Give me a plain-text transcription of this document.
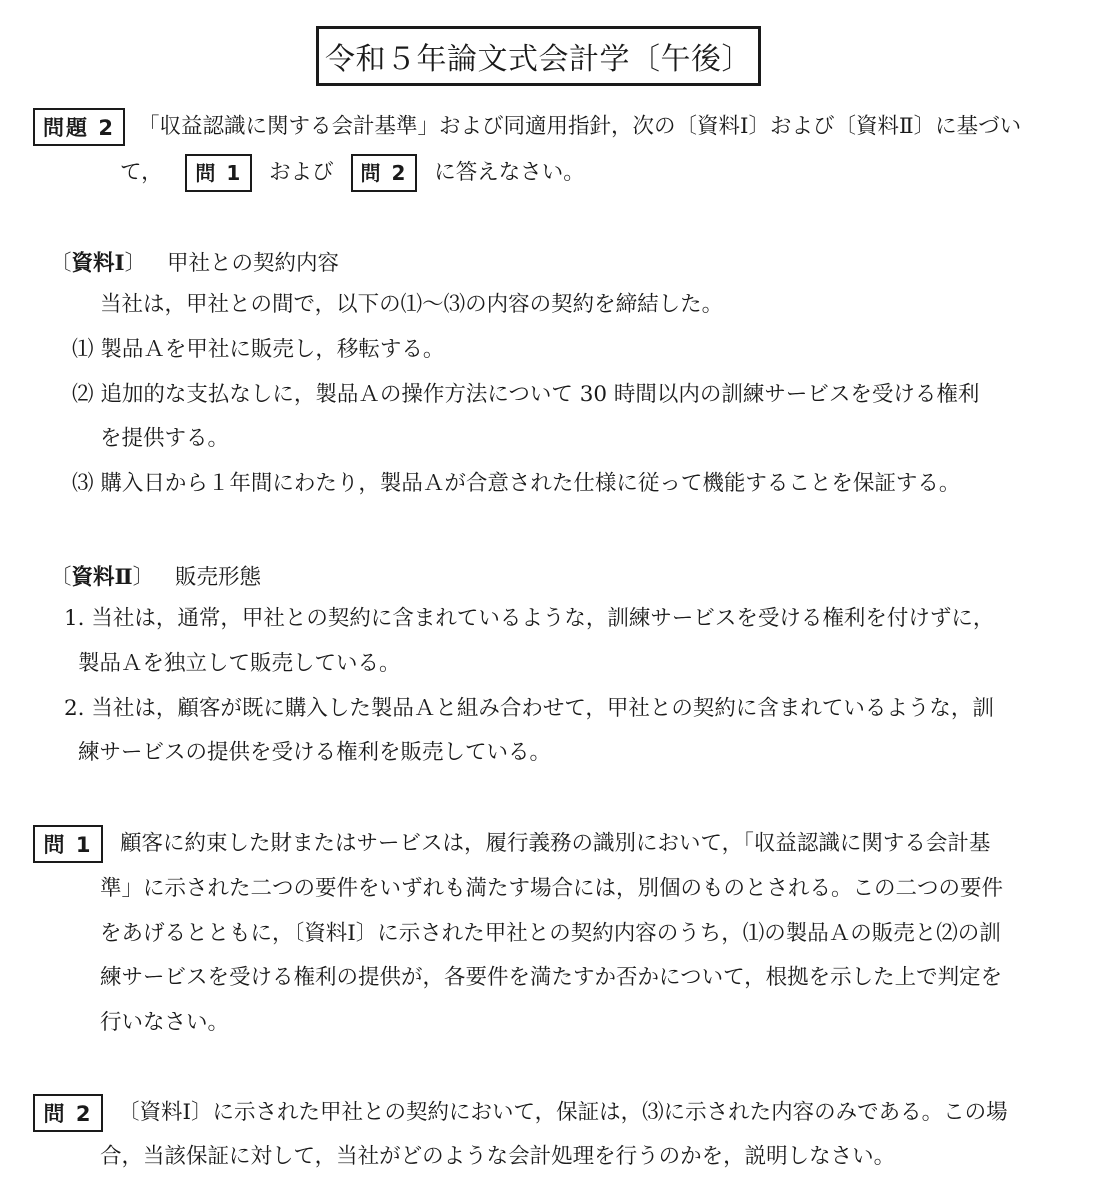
令和５年論文式会計学〔午後〕
問題 2	「収益認識に関する会計基準」および同適用指針，次の〔資料Ⅰ〕および〔資料Ⅱ〕に基づい
て， 問 1 および 問 2 に答えなさい。
〔資料Ⅰ〕 甲社との契約内容
当社は，甲社との間で，以下の⑴～⑶の内容の契約を締結した。
⑴ 製品Ａを甲社に販売し，移転する。
⑵ 追加的な支払なしに，製品Ａの操作方法について 30 時間以内の訓練サービスを受ける権利
を提供する。
⑶ 購入日から１年間にわたり，製品Ａが合意された仕様に従って機能することを保証する。
〔資料Ⅱ〕 販売形態
1. 当社は，通常，甲社との契約に含まれているような，訓練サービスを受ける権利を付けずに，
製品Ａを独立して販売している。
2. 当社は，顧客が既に購入した製品Ａと組み合わせて，甲社との契約に含まれているような，訓
練サービスの提供を受ける権利を販売している。
問 1	顧客に約束した財またはサービスは，履行義務の識別において，「収益認識に関する会計基
準」に示された二つの要件をいずれも満たす場合には，別個のものとされる。この二つの要件
をあげるとともに，〔資料Ⅰ〕に示された甲社との契約内容のうち，⑴の製品Ａの販売と⑵の訓
練サービスを受ける権利の提供が，各要件を満たすか否かについて，根拠を示した上で判定を
行いなさい。
問 2	〔資料Ⅰ〕に示された甲社との契約において，保証は，⑶に示された内容のみである。この場
合，当該保証に対して，当社がどのような会計処理を行うのかを，説明しなさい。
